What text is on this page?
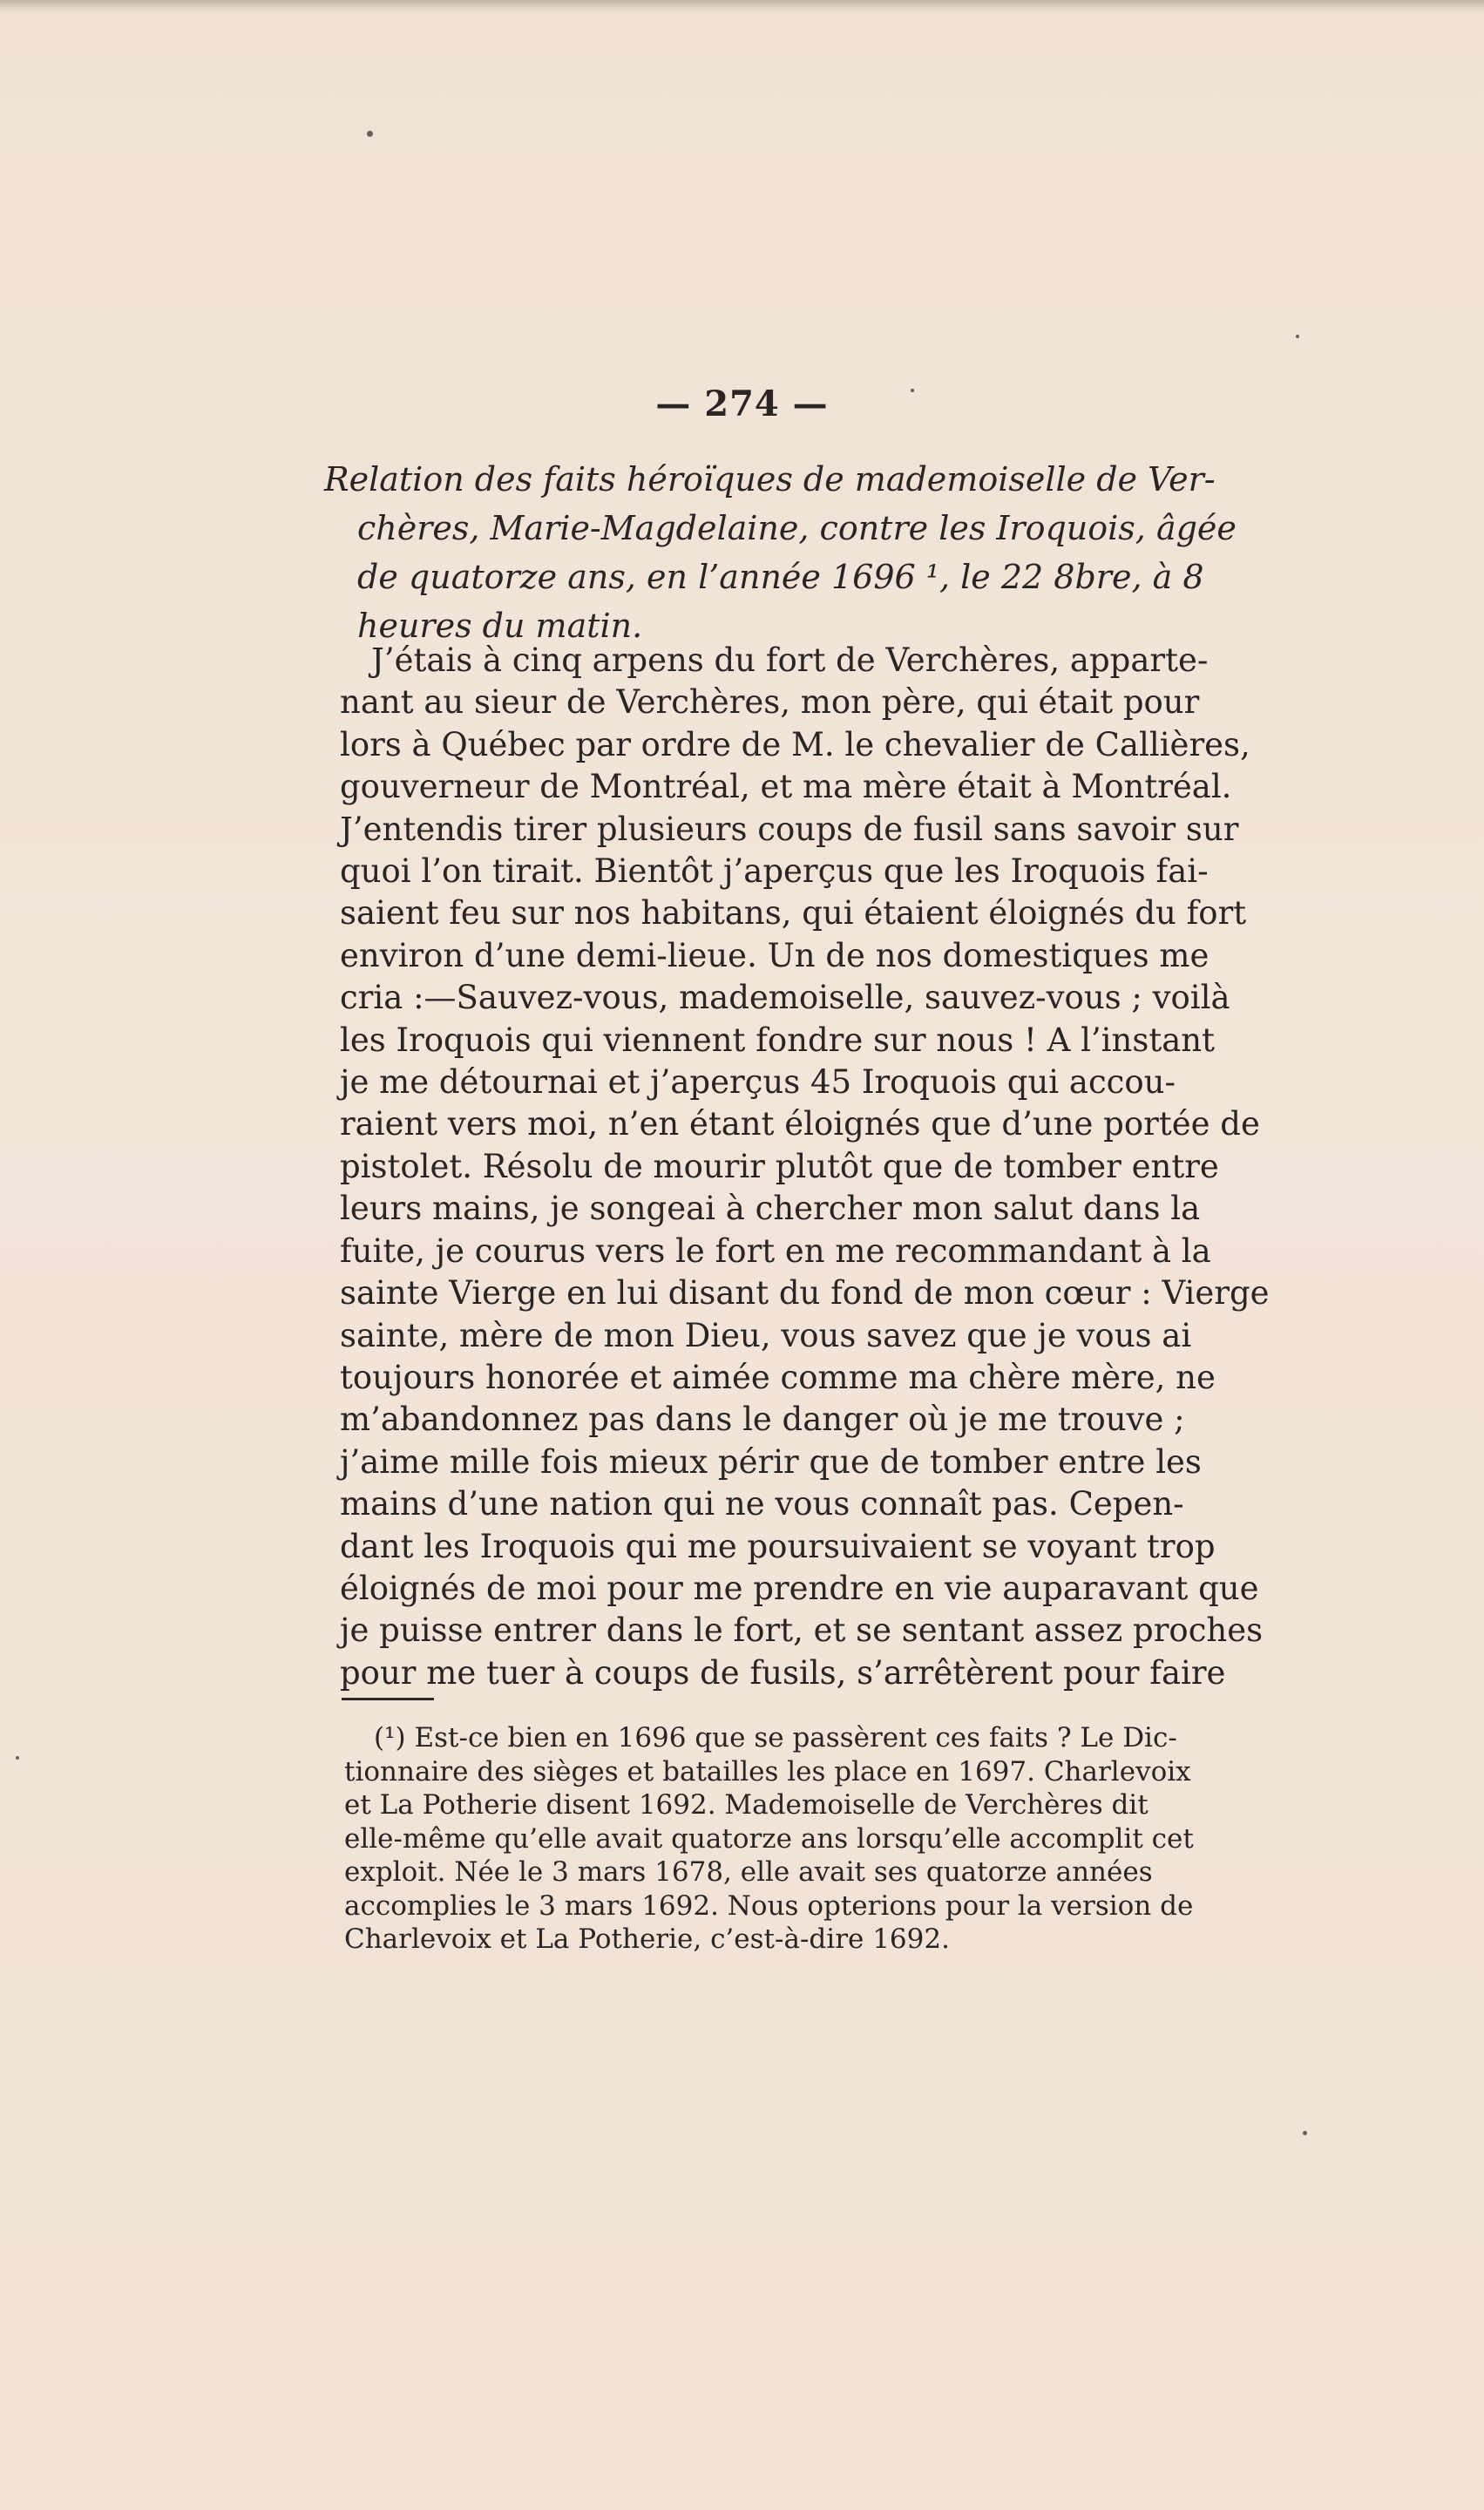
— 274 —
Relation des faits héroïques de mademoiselle de Ver-
chères, Marie-Magdelaine, contre les Iroquois, âgée
de quatorze ans, en l’année 1696 ¹, le 22 8bre, à 8
heures du matin.
J’étais à cinq arpens du fort de Verchères, apparte-
nant au sieur de Verchères, mon père, qui était pour
lors à Québec par ordre de M. le chevalier de Callières,
gouverneur de Montréal, et ma mère était à Montréal.
J’entendis tirer plusieurs coups de fusil sans savoir sur
quoi l’on tirait. Bientôt j’aperçus que les Iroquois fai-
saient feu sur nos habitans, qui étaient éloignés du fort
environ d’une demi-lieue. Un de nos domestiques me
cria :—Sauvez-vous, mademoiselle, sauvez-vous ; voilà
les Iroquois qui viennent fondre sur nous ! A l’instant
je me détournai et j’aperçus 45 Iroquois qui accou-
raient vers moi, n’en étant éloignés que d’une portée de
pistolet. Résolu de mourir plutôt que de tomber entre
leurs mains, je songeai à chercher mon salut dans la
fuite, je courus vers le fort en me recommandant à la
sainte Vierge en lui disant du fond de mon cœur : Vierge
sainte, mère de mon Dieu, vous savez que je vous ai
toujours honorée et aimée comme ma chère mère, ne
m’abandonnez pas dans le danger où je me trouve ;
j’aime mille fois mieux périr que de tomber entre les
mains d’une nation qui ne vous connaît pas. Cepen-
dant les Iroquois qui me poursuivaient se voyant trop
éloignés de moi pour me prendre en vie auparavant que
je puisse entrer dans le fort, et se sentant assez proches
pour me tuer à coups de fusils, s’arrêtèrent pour faire
(¹) Est-ce bien en 1696 que se passèrent ces faits ? Le Dic-
tionnaire des sièges et batailles les place en 1697. Charlevoix
et La Potherie disent 1692. Mademoiselle de Verchères dit
elle-même qu’elle avait quatorze ans lorsqu’elle accomplit cet
exploit. Née le 3 mars 1678, elle avait ses quatorze années
accomplies le 3 mars 1692. Nous opterions pour la version de
Charlevoix et La Potherie, c’est-à-dire 1692.
